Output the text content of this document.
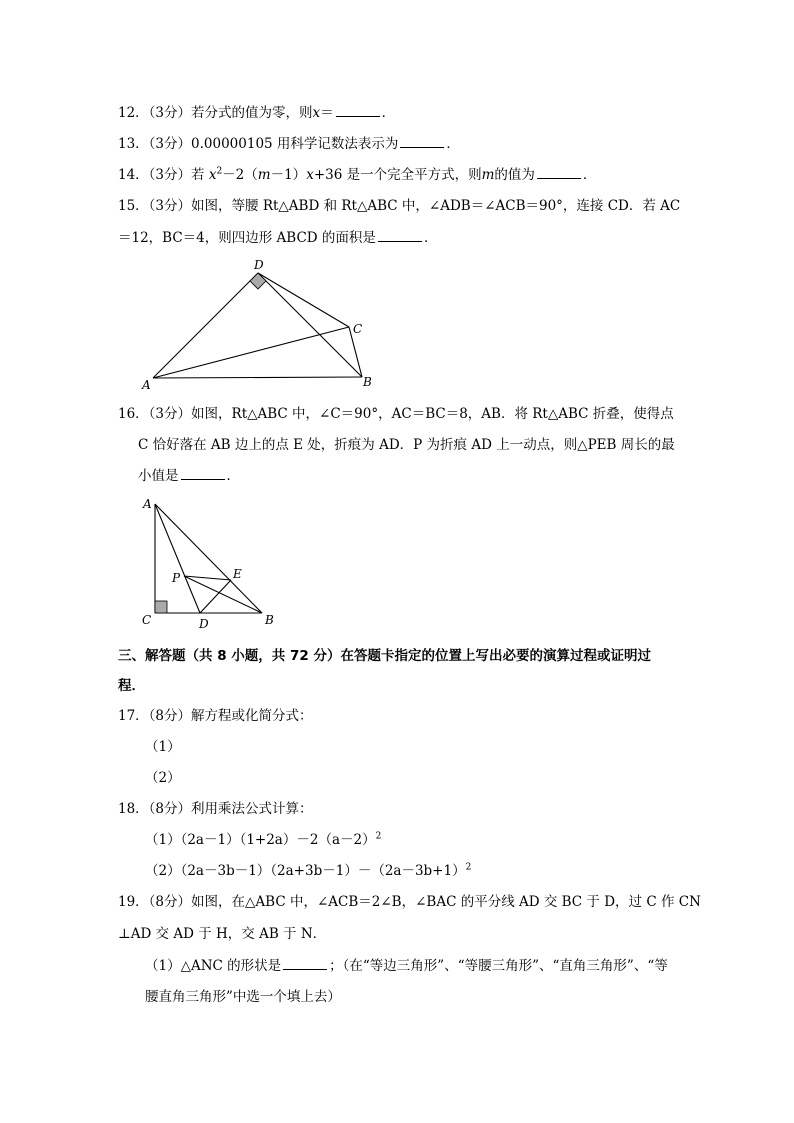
12．（3分）若分式的值为零，则x＝	．
13．（3分）0.00000105 用科学记数法表示为	．
14．（3分）若 $x^2-2(m-1)x+36$ 是一个完全平方式，则m的值为	．
15．（3分）如图，等腰 Rt△ABD 和 Rt△ABC 中，∠ADB＝∠ACB＝90°，连接 CD．若 AC
＝12，BC＝4，则四边形 ABCD 的面积是	．
D
C
A	B
A
P	E
C	D	B
16．（3分）如图，Rt△ABC 中，∠C＝90°，AC＝BC＝8，AB．将 Rt△ABC 折叠，使得点
C 恰好落在 AB 边上的点 E 处，折痕为 AD．P 为折痕 AD 上一动点，则△PEB 周长的最
小值是	．
三、解答题（共 8 小题，共 72 分）在答题卡指定的位置上写出必要的演算过程或证明过
程．
17．（8分）解方程或化简分式：
（1）
（2）
18．（8分）利用乘法公式计算：
$(1)(2a-1)(1+2a)-2(a-2)^2$
$(2)(2a-3b-1)(2a+3b-1)-(2a-3b+1)^2$
19．（8分）如图，在△ABC 中，∠ACB＝2∠B，∠BAC 的平分线 AD 交 BC 于 D，过 C 作 CN
⊥AD 交 AD 于 H，交 AB 于 N．
（1）△ANC 的形状是	；（在“等边三角形”、“等腰三角形”、“直角三角形”、“等
腰直角三角形”中选一个填上去）
